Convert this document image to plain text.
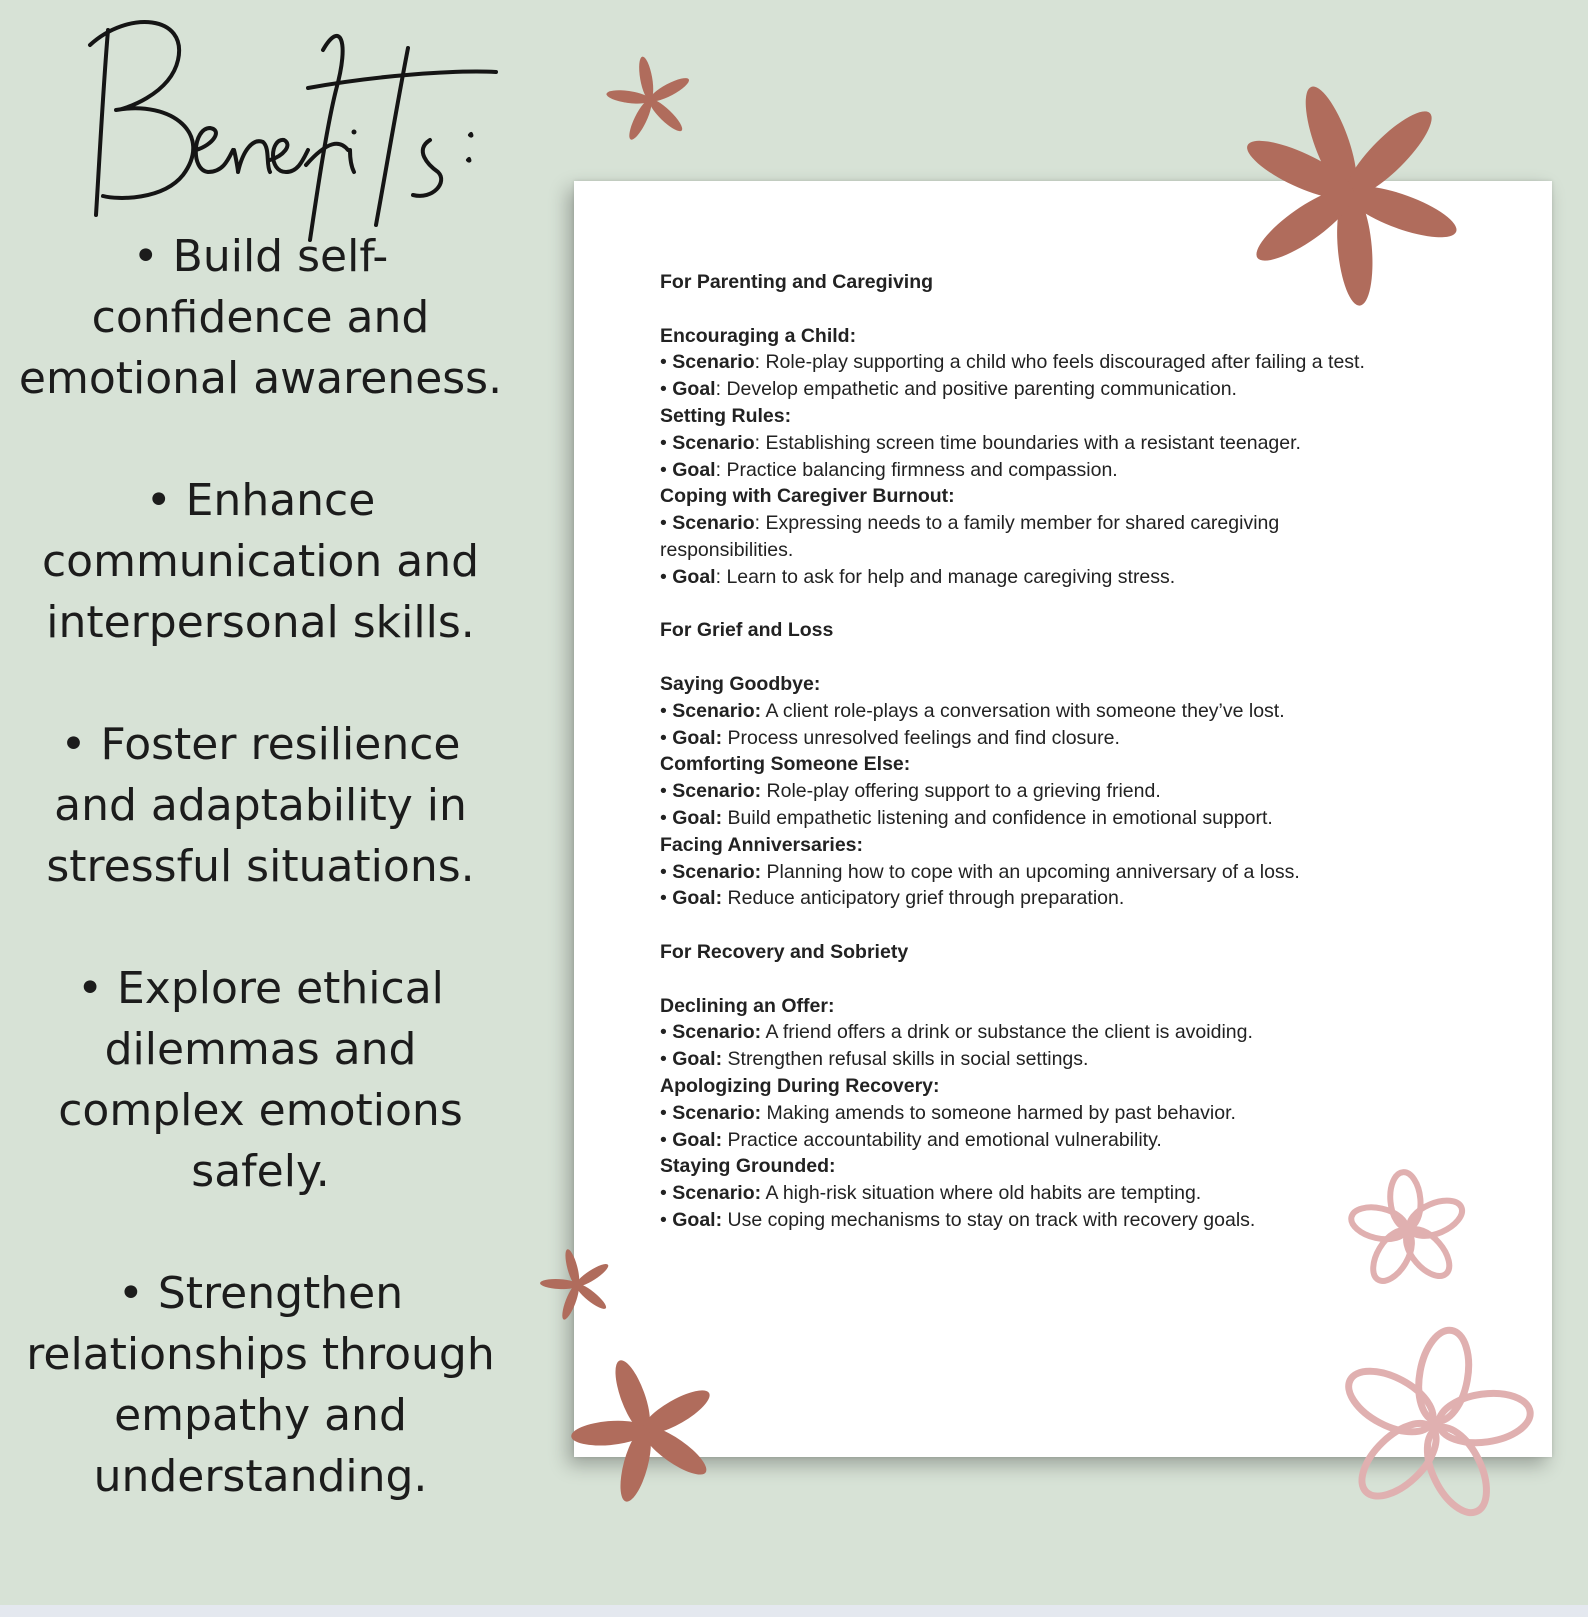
• Build self-
confidence and
emotional awareness.
• Enhance
communication and
interpersonal skills.
• Foster resilience
and adaptability in
stressful situations.
• Explore ethical
dilemmas and
complex emotions
safely.
• Strengthen
relationships through
empathy and
understanding.
For Parenting and Caregiving
Encouraging a Child:
• Scenario: Role-play supporting a child who feels discouraged after failing a test.
• Goal: Develop empathetic and positive parenting communication.
Setting Rules:
• Scenario: Establishing screen time boundaries with a resistant teenager.
• Goal: Practice balancing firmness and compassion.
Coping with Caregiver Burnout:
• Scenario: Expressing needs to a family member for shared caregiving
responsibilities.
• Goal: Learn to ask for help and manage caregiving stress.
For Grief and Loss
Saying Goodbye:
• Scenario: A client role-plays a conversation with someone they’ve lost.
• Goal: Process unresolved feelings and find closure.
Comforting Someone Else:
• Scenario: Role-play offering support to a grieving friend.
• Goal: Build empathetic listening and confidence in emotional support.
Facing Anniversaries:
• Scenario: Planning how to cope with an upcoming anniversary of a loss.
• Goal: Reduce anticipatory grief through preparation.
For Recovery and Sobriety
Declining an Offer:
• Scenario: A friend offers a drink or substance the client is avoiding.
• Goal: Strengthen refusal skills in social settings.
Apologizing During Recovery:
• Scenario: Making amends to someone harmed by past behavior.
• Goal: Practice accountability and emotional vulnerability.
Staying Grounded:
• Scenario: A high-risk situation where old habits are tempting.
• Goal: Use coping mechanisms to stay on track with recovery goals.
